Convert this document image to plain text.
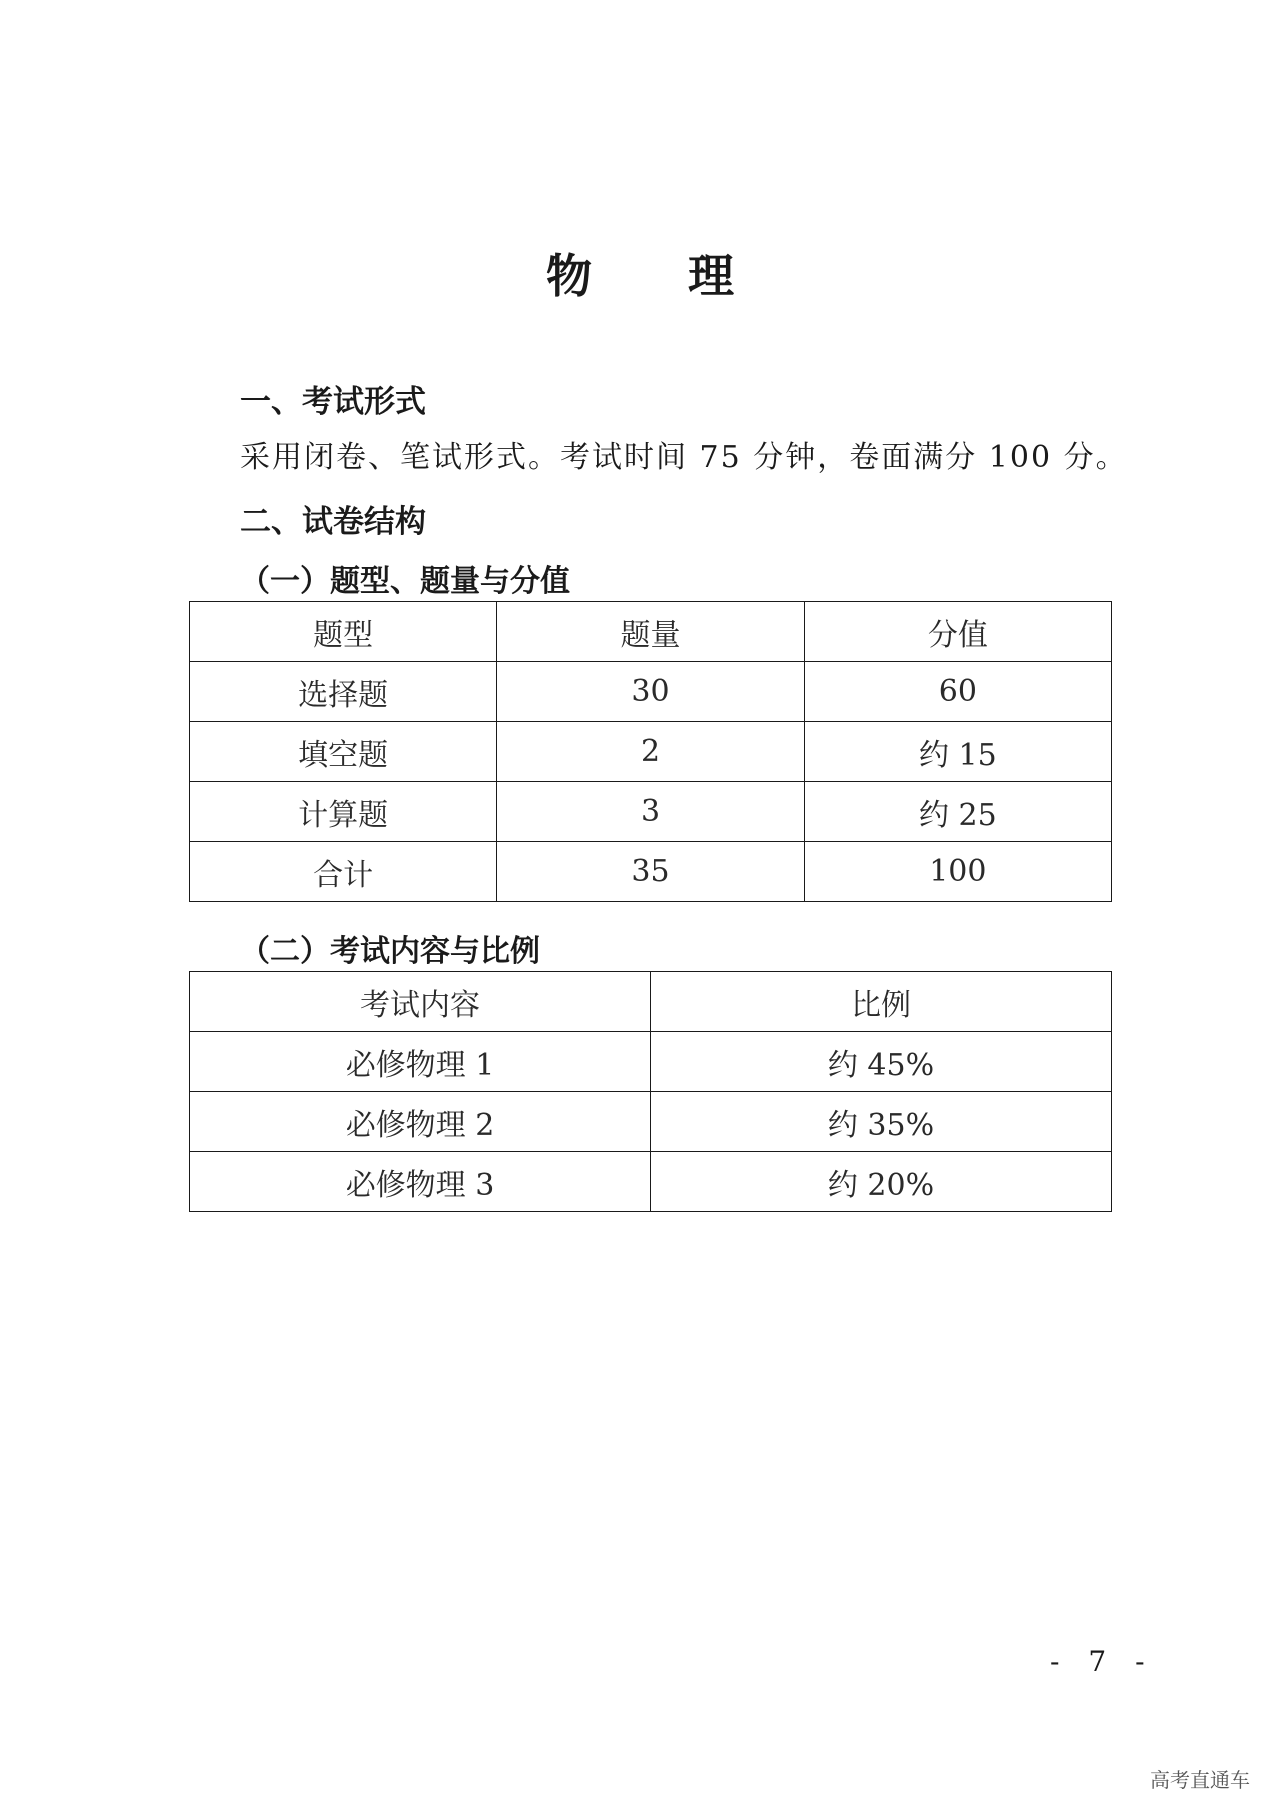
物 理
一、考试形式
采用闭卷、笔试形式。考试时间 75 分钟，卷面满分 100 分。
二、试卷结构
（一）题型、题量与分值
题型	题量	分值
选择题	30	60
填空题	2	约 15
计算题	3	约 25
合计	35	100
（二）考试内容与比例
考试内容	比例
必修物理 1	约 45%
必修物理 2	约 35%
必修物理 3	约 20%
- 7 -
高考直通车
